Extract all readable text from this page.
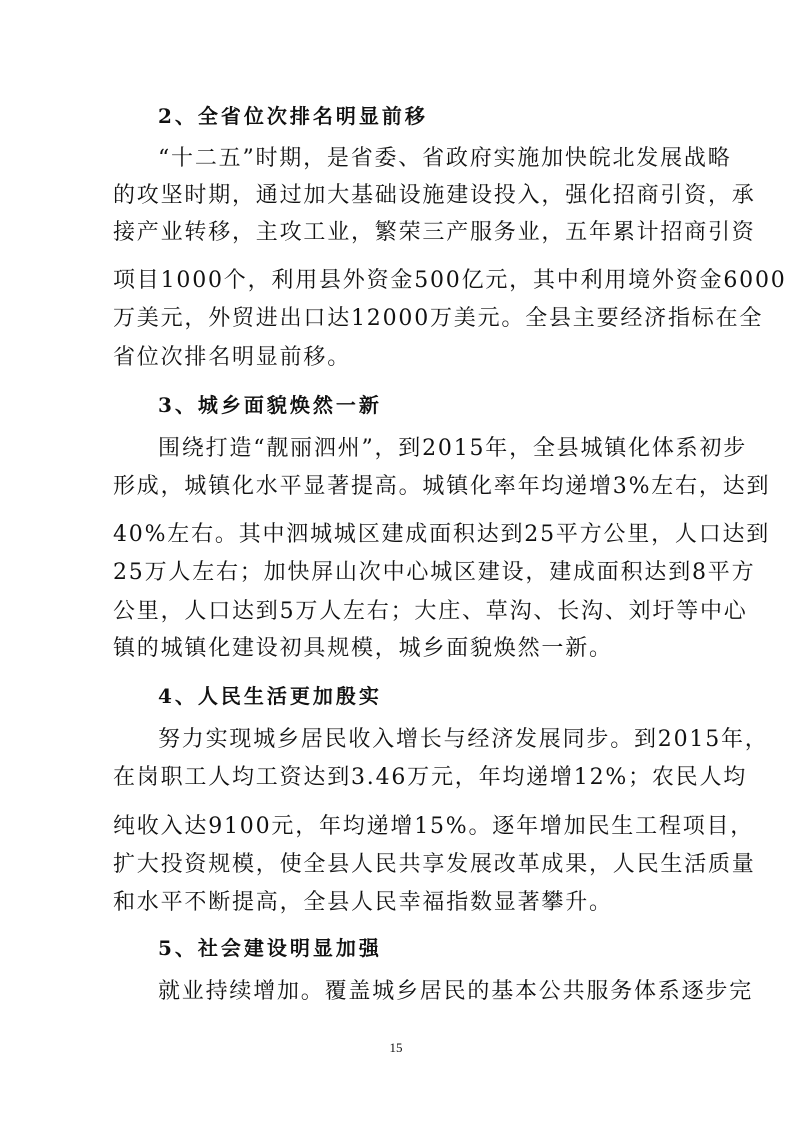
2、全省位次排名明显前移
“十二五”时期，是省委、省政府实施加快皖北发展战略
的攻坚时期，通过加大基础设施建设投入，强化招商引资，承
接产业转移，主攻工业，繁荣三产服务业，五年累计招商引资
项目1000个，利用县外资金500亿元，其中利用境外资金6000
万美元，外贸进出口达12000万美元。全县主要经济指标在全
省位次排名明显前移。
3、城乡面貌焕然一新
围绕打造“靓丽泗州”，到2015年，全县城镇化体系初步
形成，城镇化水平显著提高。城镇化率年均递增3%左右，达到
40%左右。其中泗城城区建成面积达到25平方公里，人口达到
25万人左右；加快屏山次中心城区建设，建成面积达到8平方
公里，人口达到5万人左右；大庄、草沟、长沟、刘圩等中心
镇的城镇化建设初具规模，城乡面貌焕然一新。
4、人民生活更加殷实
努力实现城乡居民收入增长与经济发展同步。到2015年，
在岗职工人均工资达到3.46万元，年均递增12%；农民人均
纯收入达9100元，年均递增15%。逐年增加民生工程项目，
扩大投资规模，使全县人民共享发展改革成果，人民生活质量
和水平不断提高，全县人民幸福指数显著攀升。
5、社会建设明显加强
就业持续增加。覆盖城乡居民的基本公共服务体系逐步完
15
